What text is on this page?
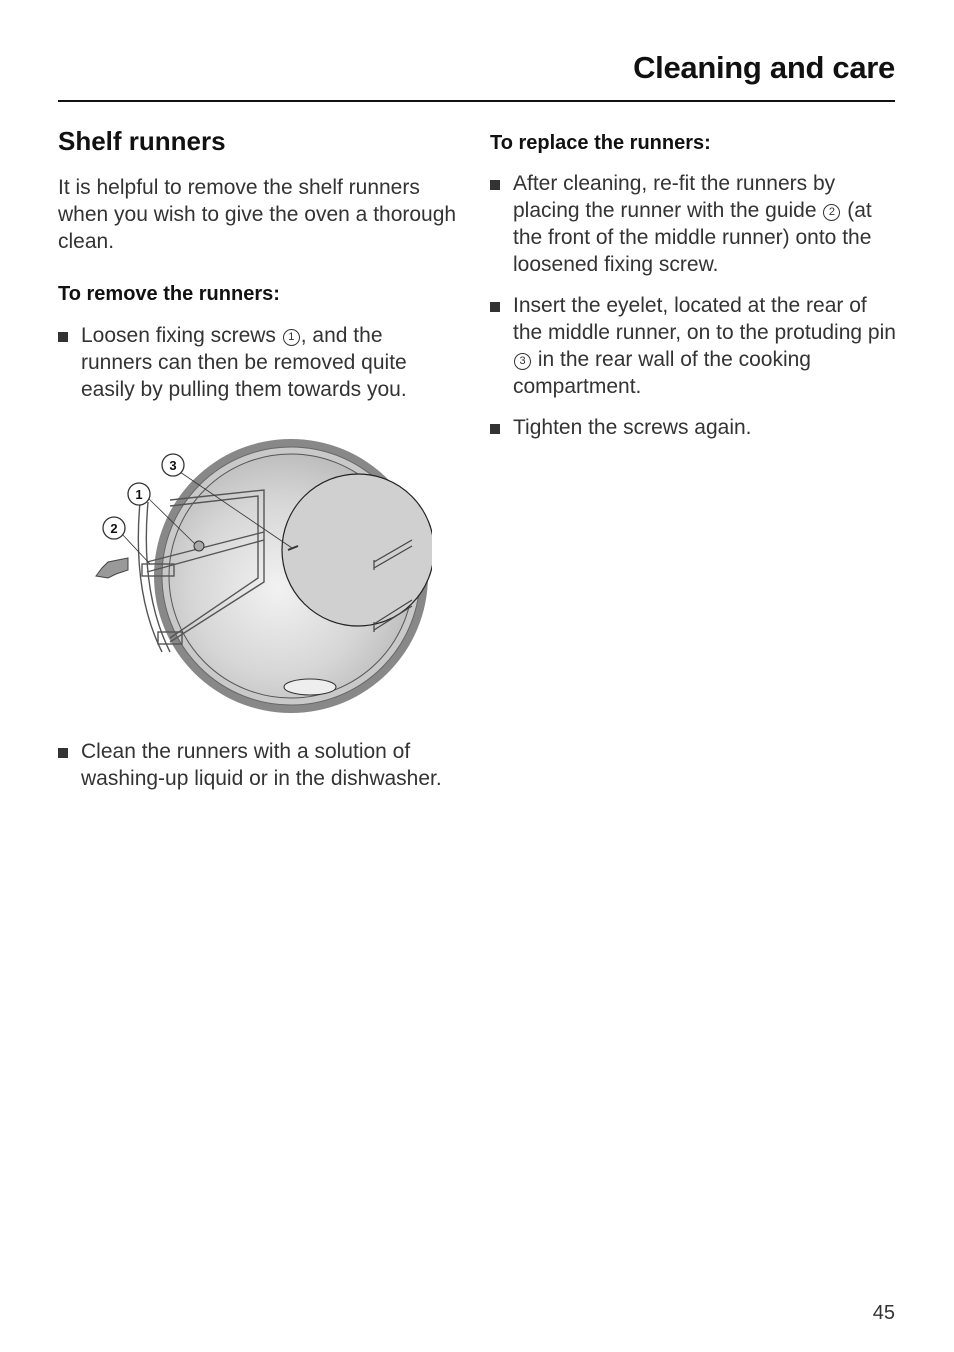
Cleaning and care
Shelf runners

It is helpful to remove the shelf runners when you wish to give the oven a thorough clean.

To remove the runners:

Loosen fixing screws 1 , and the runners can then be removed quite easily by pulling them towards you.
3
1
2
Clean the runners with a solution of washing-up liquid or in the dishwasher.

To replace the runners:

After cleaning, re-fit the runners by placing the runner with the guide 2 (at the front of the middle runner) onto the loosened fixing screw.
Insert the eyelet, located at the rear of the middle runner, on to the protuding pin 3 in the rear wall of the cooking compartment.
Tighten the screws again.
45
